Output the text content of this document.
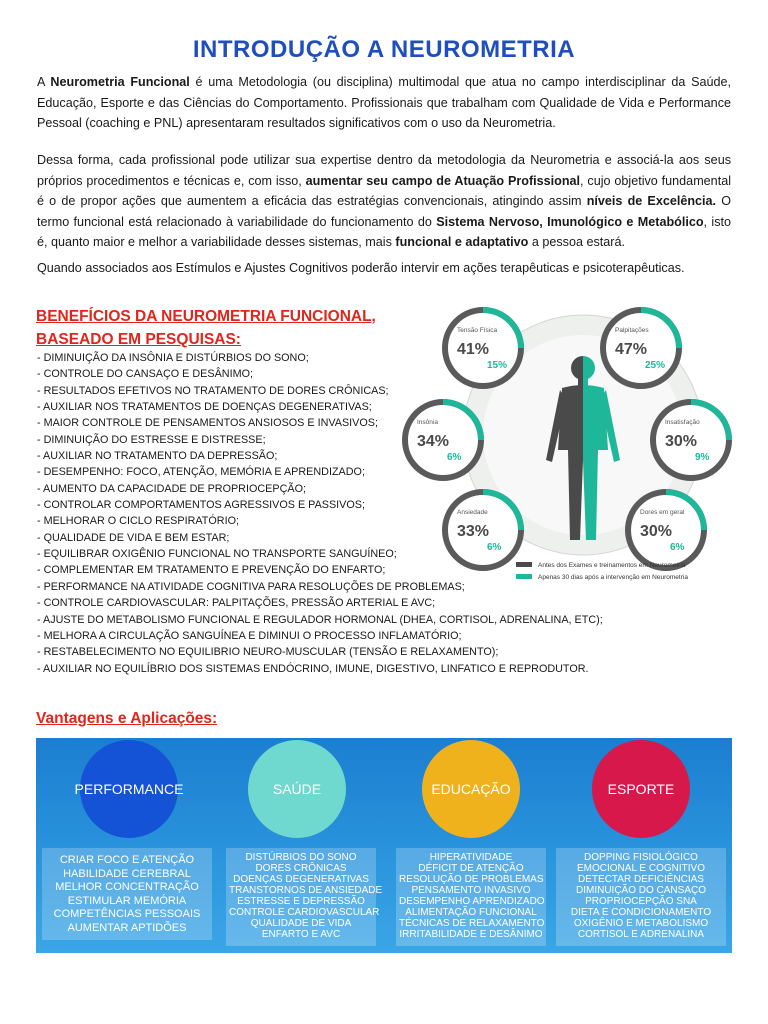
INTRODUÇÃO A NEUROMETRIA

A Neurometria Funcional é uma Metodologia (ou disciplina) multimodal que atua no campo interdisciplinar da Saúde, Educação, Esporte e das Ciências do Comportamento. Profissionais que trabalham com Qualidade de Vida e Performance Pessoal (coaching e PNL) apresentaram resultados significativos com o uso da Neurometria.

Dessa forma, cada profissional pode utilizar sua expertise dentro da metodologia da Neurometria e associá-la aos seus próprios procedimentos e técnicas e, com isso, aumentar seu campo de Atuação Profissional, cujo objetivo fundamental é o de propor ações que aumentem a eficácia das estratégias convencionais, atingindo assim níveis de Excelência. O termo funcional está relacionado à variabilidade do funcionamento do Sistema Nervoso, Imunológico e Metabólico, isto é, quanto maior e melhor a variabilidade desses sistemas, mais funcional e adaptativo a pessoa estará.

Quando associados aos Estímulos e Ajustes Cognitivos poderão intervir em ações terapêuticas e psicoterapêuticas.

BENEFÍCIOS DA NEUROMETRIA FUNCIONAL,
BASEADO EM PESQUISAS:
- DIMINUIÇÃO DA INSÔNIA E DISTÚRBIOS DO SONO;
- CONTROLE DO CANSAÇO E DESÂNIMO;
- RESULTADOS EFETIVOS NO TRATAMENTO DE DORES CRÔNICAS;
- AUXILIAR NOS TRATAMENTOS DE DOENÇAS DEGENERATIVAS;
- MAIOR CONTROLE DE PENSAMENTOS ANSIOSOS E INVASIVOS;
- DIMINUIÇÃO DO ESTRESSE E DISTRESSE;
- AUXILIAR NO TRATAMENTO DA DEPRESSÃO;
- DESEMPENHO: FOCO, ATENÇÃO, MEMÓRIA E APRENDIZADO;
- AUMENTO DA CAPACIDADE DE PROPRIOCEPÇÃO;
- CONTROLAR COMPORTAMENTOS AGRESSIVOS E PASSIVOS;
- MELHORAR O CICLO RESPIRATÓRIO;
- QUALIDADE DE VIDA E BEM ESTAR;
- EQUILIBRAR OXIGÊNIO FUNCIONAL NO TRANSPORTE SANGUÍNEO;
- COMPLEMENTAR EM TRATAMENTO E PREVENÇÃO DO ENFARTO;
- PERFORMANCE NA ATIVIDADE COGNITIVA PARA RESOLUÇÕES DE PROBLEMAS;
- CONTROLE CARDIOVASCULAR: PALPITAÇÕES, PRESSÃO ARTERIAL E AVC;
- AJUSTE DO METABOLISMO FUNCIONAL E REGULADOR HORMONAL (DHEA, CORTISOL, ADRENALINA, ETC);
- MELHORA A CIRCULAÇÃO SANGUÍNEA E DIMINUI O PROCESSO INFLAMATÓRIO;
- RESTABELECIMENTO NO EQUILIBRIO NEURO-MUSCULAR (TENSÃO E RELAXAMENTO);
- AUXILIAR NO EQUILÍBRIO DOS SISTEMAS ENDÓCRINO, IMUNE, DIGESTIVO, LINFATICO E REPRODUTOR.
Tensão Física
41%
15%
Palpitações
47%
25%
Insônia
34%
6%
Insatisfação
30%
9%
Ansiedade
33%
6%
Dores em geral
30%
6%
Antes dos Exames e treinamentos em Neurometria
Apenas 30 dias após a intervenção em Neurometria
Vantagens e Aplicações:
PERFORMANCE
CRIAR FOCO E ATENÇÃO
HABILIDADE CEREBRAL
MELHOR CONCENTRAÇÃO
ESTIMULAR MEMÓRIA
COMPETÊNCIAS PESSOAIS
AUMENTAR APTIDÕES
SAÚDE
DISTÚRBIOS DO SONO
DORES CRÔNICAS
DOENÇAS DEGENERATIVAS
TRANSTORNOS DE ANSIEDADE
ESTRESSE E DEPRESSÃO
CONTROLE CARDIOVASCULAR
QUALIDADE DE VIDA
ENFARTO E AVC
EDUCAÇÃO
HIPERATIVIDADE
DÉFICIT DE ATENÇÃO
RESOLUÇÃO DE PROBLEMAS
PENSAMENTO INVASIVO
DESEMPENHO APRENDIZADO
ALIMENTAÇÃO FUNCIONAL
TÉCNICAS DE RELAXAMENTO
IRRITABILIDADE E DESÂNIMO
ESPORTE
DOPPING FISIOLÓGICO
EMOCIONAL E COGNITIVO
DETECTAR DEFICIÊNCIAS
DIMINUIÇÃO DO CANSAÇO
PROPRIOCEPÇÃO SNA
DIETA E CONDICIONAMENTO
OXIGÊNIO E METABOLISMO
CORTISOL E ADRENALINA
